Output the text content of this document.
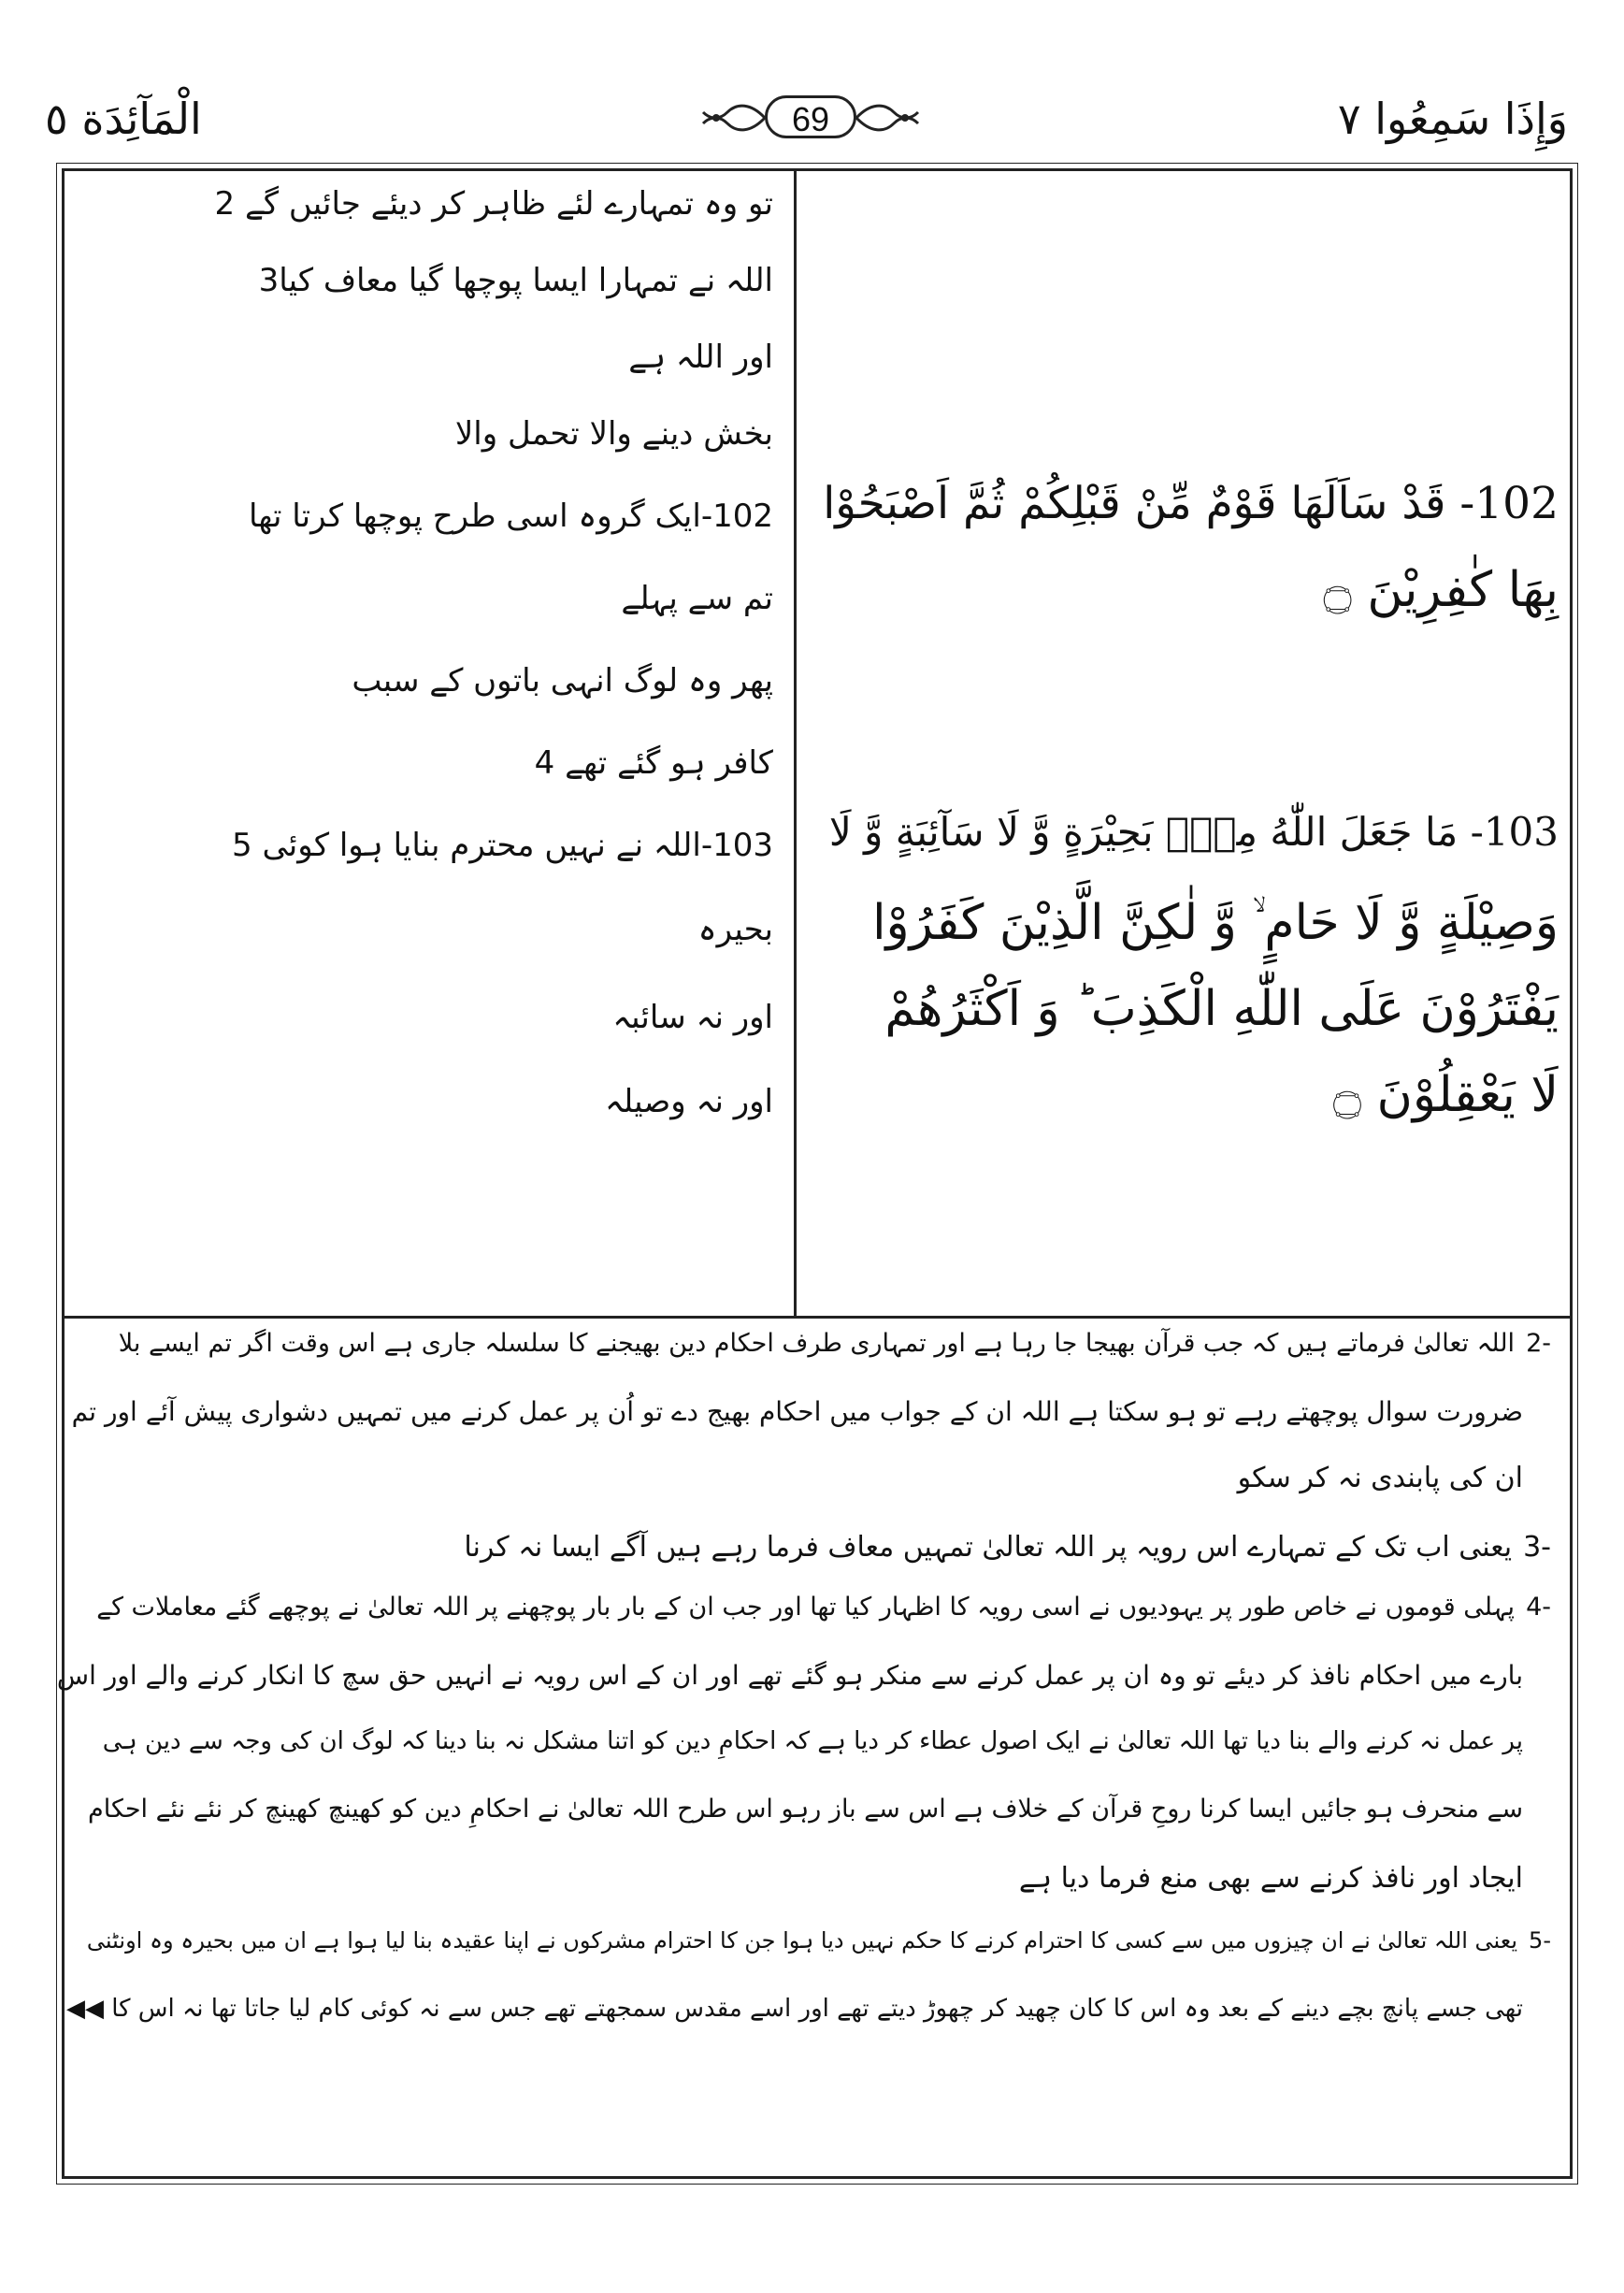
وَإِذَا سَمِعُوا ٧
69
الْمَآئِدَة ٥
تو وہ تمہارے لئے ظاہر کر دیئے جائیں گے 2
اللہ نے تمہارا ایسا پوچھا گیا معاف کیا3
اور اللہ ہے
بخش دینے والا تحمل والا
102-ایک گروہ اسی طرح پوچھا کرتا تھا
تم سے پہلے
پھر وہ لوگ انہی باتوں کے سبب
کافر ہو گئے تھے 4
103-اللہ نے نہیں محترم بنایا ہوا کوئی 5
بحیرہ
اور نہ سائبہ
اور نہ وصیلہ
102- قَدْ سَاَلَهَا قَوْمٌ مِّنْ قَبْلِكُمْ ثُمَّ اَصْبَحُوْا
بِهَا كٰفِرِيْنَ ۝
103- مَا جَعَلَ اللّٰهُ مِنْۢ بَحِيْرَةٍ وَّ لَا سَآئِبَةٍ وَّ لَا
وَصِيْلَةٍ وَّ لَا حَامٍ ۙ وَّ لٰكِنَّ الَّذِيْنَ كَفَرُوْا
يَفْتَرُوْنَ عَلَى اللّٰهِ الْكَذِبَ ؕ وَ اَكْثَرُهُمْ
لَا يَعْقِلُوْنَ ۝
-2اللہ تعالیٰ فرماتے ہیں کہ جب قرآن بھیجا جا رہا ہے اور تمہاری طرف احکام دین بھیجنے کا سلسلہ جاری ہے اس وقت اگر تم ایسے بلا
ضرورت سوال پوچھتے رہے تو ہو سکتا ہے اللہ ان کے جواب میں احکام بھیج دے تو اُن پر عمل کرنے میں تمہیں دشواری پیش آئے اور تم
ان کی پابندی نہ کر سکو
-3یعنی اب تک کے تمہارے اس رویہ پر اللہ تعالیٰ تمہیں معاف فرما رہے ہیں آگے ایسا نہ کرنا
-4پہلی قوموں نے خاص طور پر یہودیوں نے اسی رویہ کا اظہار کیا تھا اور جب ان کے بار بار پوچھنے پر اللہ تعالیٰ نے پوچھے گئے معاملات کے
بارے میں احکام نافذ کر دیئے تو وہ ان پر عمل کرنے سے منکر ہو گئے تھے اور ان کے اس رویہ نے انہیں حق سچ کا انکار کرنے والے اور اس
پر عمل نہ کرنے والے بنا دیا تھا اللہ تعالیٰ نے ایک اصول عطاء کر دیا ہے کہ احکامِ دین کو اتنا مشکل نہ بنا دینا کہ لوگ ان کی وجہ سے دین ہی
سے منحرف ہو جائیں ایسا کرنا روحِ قرآن کے خلاف ہے اس سے باز رہو اس طرح اللہ تعالیٰ نے احکامِ دین کو کھینچ کھینچ کر نئے نئے احکام
ایجاد اور نافذ کرنے سے بھی منع فرما دیا ہے
-5یعنی اللہ تعالیٰ نے ان چیزوں میں سے کسی کا احترام کرنے کا حکم نہیں دیا ہوا جن کا احترام مشرکوں نے اپنا عقیدہ بنا لیا ہوا ہے ان میں بحیرہ وہ اونٹنی
تھی جسے پانچ بچے دینے کے بعد وہ اس کا کان چھید کر چھوڑ دیتے تھے اور اسے مقدس سمجھتے تھے جس سے نہ کوئی کام لیا جاتا تھا نہ اس کا ◀◀
